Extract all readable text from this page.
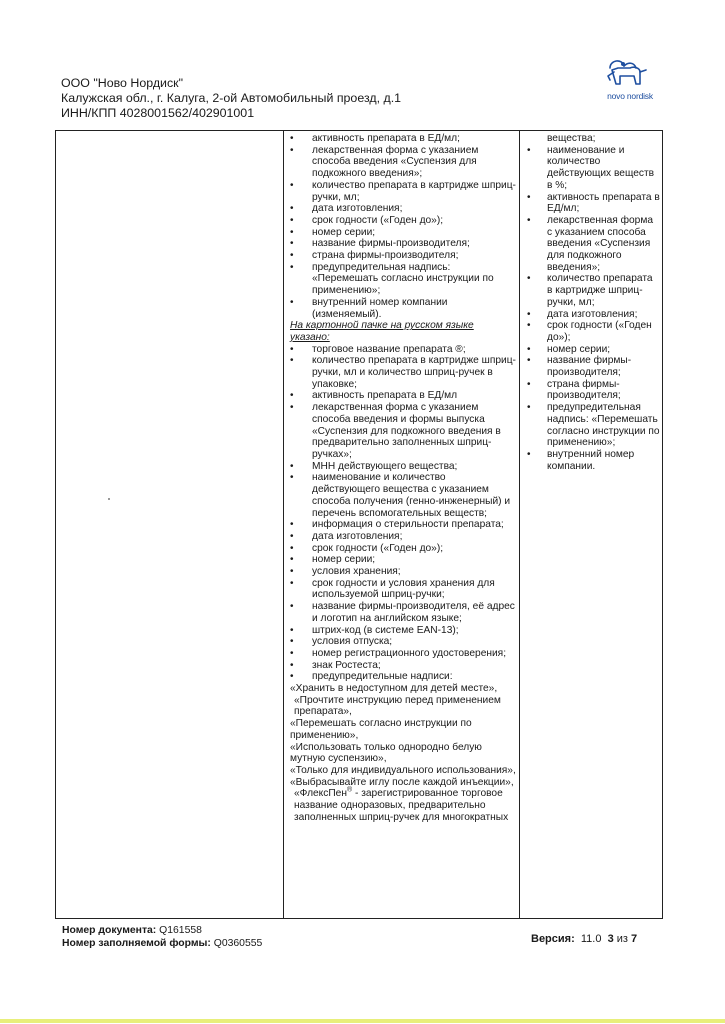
ООО "Ново Нордиск"
Калужская обл., г. Калуга, 2-ой Автомобильный проезд, д.1
ИНН/КПП 4028001562/402901001
novo nordisk
• активность препарата в ЕД/мл;
• лекарственная форма с указанием способа введения «Суспензия для подкожного введения»;
• количество препарата в картридже шприц-ручки, мл;
• дата изготовления;
• срок годности («Годен до»);
• номер серии;
• название фирмы-производителя;
• страна фирмы-производителя;
• предупредительная надпись: «Перемешать согласно инструкции по применению»;
• внутренний номер компании (изменяемый).
На картонной пачке на русском языке указано:
• торговое название препарата ®;
• количество препарата в картридже шприц-ручки, мл и количество шприц-ручек в упаковке;
• активность препарата в ЕД/мл
• лекарственная форма с указанием способа введения и формы выпуска «Суспензия для подкожного введения в предварительно заполненных шприц-ручках»;
• МНН действующего вещества;
• наименование и количество действующего вещества с указанием способа получения (генно-инженерный) и перечень вспомогательных веществ;
• информация о стерильности препарата;
• дата изготовления;
• срок годности («Годен до»);
• номер серии;
• условия хранения;
• срок годности и условия хранения для используемой шприц-ручки;
• название фирмы-производителя, её адрес и логотип на английском языке;
• штрих-код (в системе EAN-13);
• условия отпуска;
• номер регистрационного удостоверения;
• знак Ростеста;
• предупредительные надписи:
«Хранить в недоступном для детей месте»,
«Прочтите инструкцию перед применением препарата»,
«Перемешать согласно инструкции по применению»,
«Использовать только однородно белую мутную суспензию»,
«Только для индивидуального использования»,
«Выбрасывайте иглу после каждой инъекции»,
«ФлексПен® - зарегистрированное торговое название одноразовых, предварительно заполненных шприц-ручек для многократных
вещества;
• наименование и количество действующих веществ в %;
• активность препарата в ЕД/мл;
• лекарственная форма с указанием способа введения «Суспензия для подкожного введения»;
• количество препарата в картридже шприц-ручки, мл;
• дата изготовления;
• срок годности («Годен до»);
• номер серии;
• название фирмы-производителя;
• страна фирмы-производителя;
• предупредительная надпись: «Перемешать согласно инструкции по применению»;
• внутренний номер компании.
Номер документа: Q161558
Номер заполняемой формы: Q0360555	Версия: 11.0 3 из 7
